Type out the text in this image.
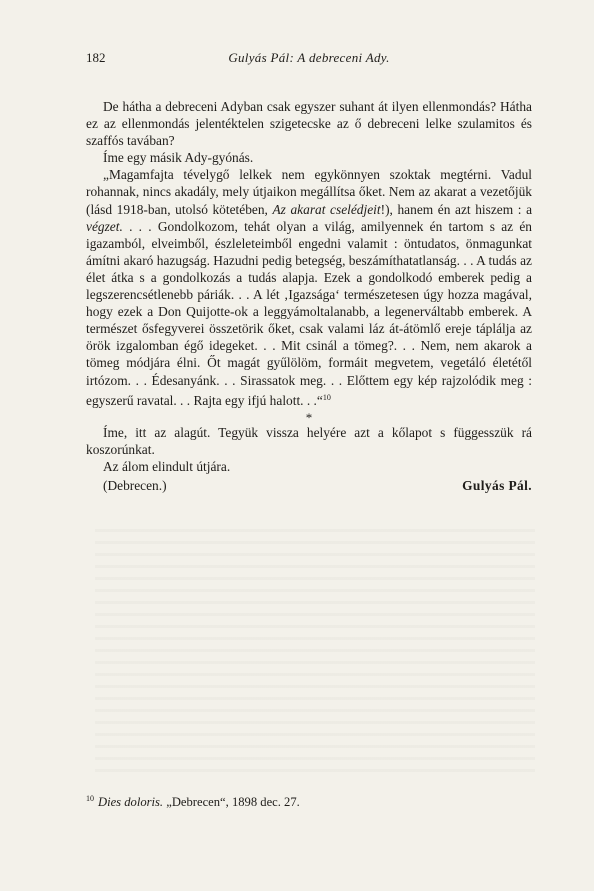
182	Gulyás Pál: A debreceni Ady.

De hátha a debreceni Adyban csak egyszer suhant át ilyen ellenmondás? Hátha ez az ellenmondás jelentéktelen szigetecske az ő debreceni lelke szulamitos és szaffós tavában?

Íme egy másik Ady-gyónás.

„Magamfajta tévelygő lelkek nem egykönnyen szoktak megtérni. Vadul rohannak, nincs akadály, mely útjaikon megállítsa őket. Nem az akarat a vezetőjük (lásd 1918-ban, utolsó kötetében, Az akarat cselédjeit!), hanem én azt hiszem : a végzet. . . . Gondolkozom, tehát olyan a világ, amilyennek én tartom s az én igazamból, elveimből, észleleteimből engedni valamit : öntudatos, önmagunkat ámítni akaró hazugság. Hazudni pedig betegség, beszámíthatatlanság. . . A tudás az élet átka s a gondolkozás a tudás alapja. Ezek a gondolkodó emberek pedig a legszerencsétlenebb páriák. . . A lét ‚Igazsága‘ természetesen úgy hozza magával, hogy ezek a Don Quijotte-ok a leggyámoltalanabb, a legenerváltabb emberek. A természet ősfegyverei összetörik őket, csak valami láz át-átömlő ereje táplálja az örök izgalomban égő idegeket. . . Mit csinál a tömeg?. . . Nem, nem akarok a tömeg módjára élni. Őt magát gyűlölöm, formáit megvetem, vegetáló életétől irtózom. . . Édesanyánk. . . Sirassatok meg. . . Előttem egy kép rajzolódik meg : egyszerű ravatal. . . Rajta egy ifjú halott. . .“$^{10}$

*

Íme, itt az alagút. Tegyük vissza helyére azt a kőlapot s függesszük rá koszorúnkat.

Az álom elindult útjára.

(Debrecen.)	Gulyás Pál.
$^{10}$ Dies doloris. „Debrecen“, 1898 dec. 27.
